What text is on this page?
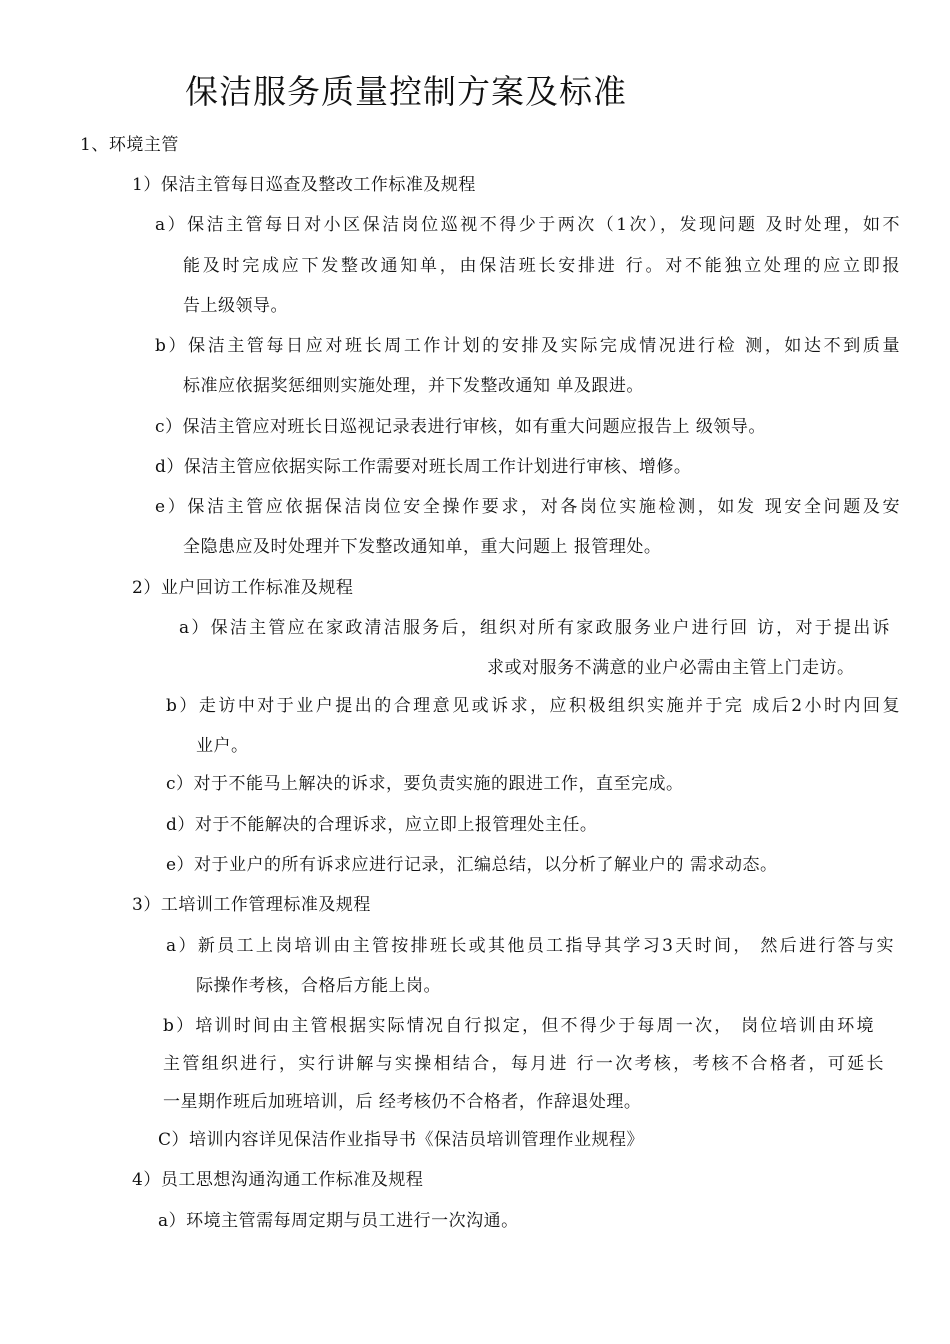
保洁服务质量控制方案及标准
1、环境主管
1）保洁主管每日巡查及整改工作标准及规程
a）保洁主管每日对小区保洁岗位巡视不得少于两次（1次），发现问题 及时处理，如不
能及时完成应下发整改通知单，由保洁班长安排进 行。对不能独立处理的应立即报
告上级领导。
b）保洁主管每日应对班长周工作计划的安排及实际完成情况进行检 测，如达不到质量
标准应依据奖惩细则实施处理，并下发整改通知 单及跟进。
c）保洁主管应对班长日巡视记录表进行审核，如有重大问题应报告上 级领导。
d）保洁主管应依据实际工作需要对班长周工作计划进行审核、增修。
e）保洁主管应依据保洁岗位安全操作要求，对各岗位实施检测，如发 现安全问题及安
全隐患应及时处理并下发整改通知单，重大问题上 报管理处。
2）业户回访工作标准及规程
a）保洁主管应在家政清洁服务后，组织对所有家政服务业户进行回 访，对于提出诉
求或对服务不满意的业户必需由主管上门走访。
b）走访中对于业户提出的合理意见或诉求，应积极组织实施并于完 成后2小时内回复
业户。
c）对于不能马上解决的诉求，要负责实施的跟进工作，直至完成。
d）对于不能解决的合理诉求，应立即上报管理处主任。
e）对于业户的所有诉求应进行记录，汇编总结，以分析了解业户的 需求动态。
3）工培训工作管理标准及规程
a）新员工上岗培训由主管按排班长或其他员工指导其学习3天时间， 然后进行答与实
际操作考核，合格后方能上岗。
b）培训时间由主管根据实际情况自行拟定，但不得少于每周一次， 岗位培训由环境
主管组织进行，实行讲解与实操相结合，每月进 行一次考核，考核不合格者，可延长
一星期作班后加班培训，后 经考核仍不合格者，作辞退处理。
C）培训内容详见保洁作业指导书《保洁员培训管理作业规程》
4）员工思想沟通沟通工作标准及规程
a）环境主管需每周定期与员工进行一次沟通。
